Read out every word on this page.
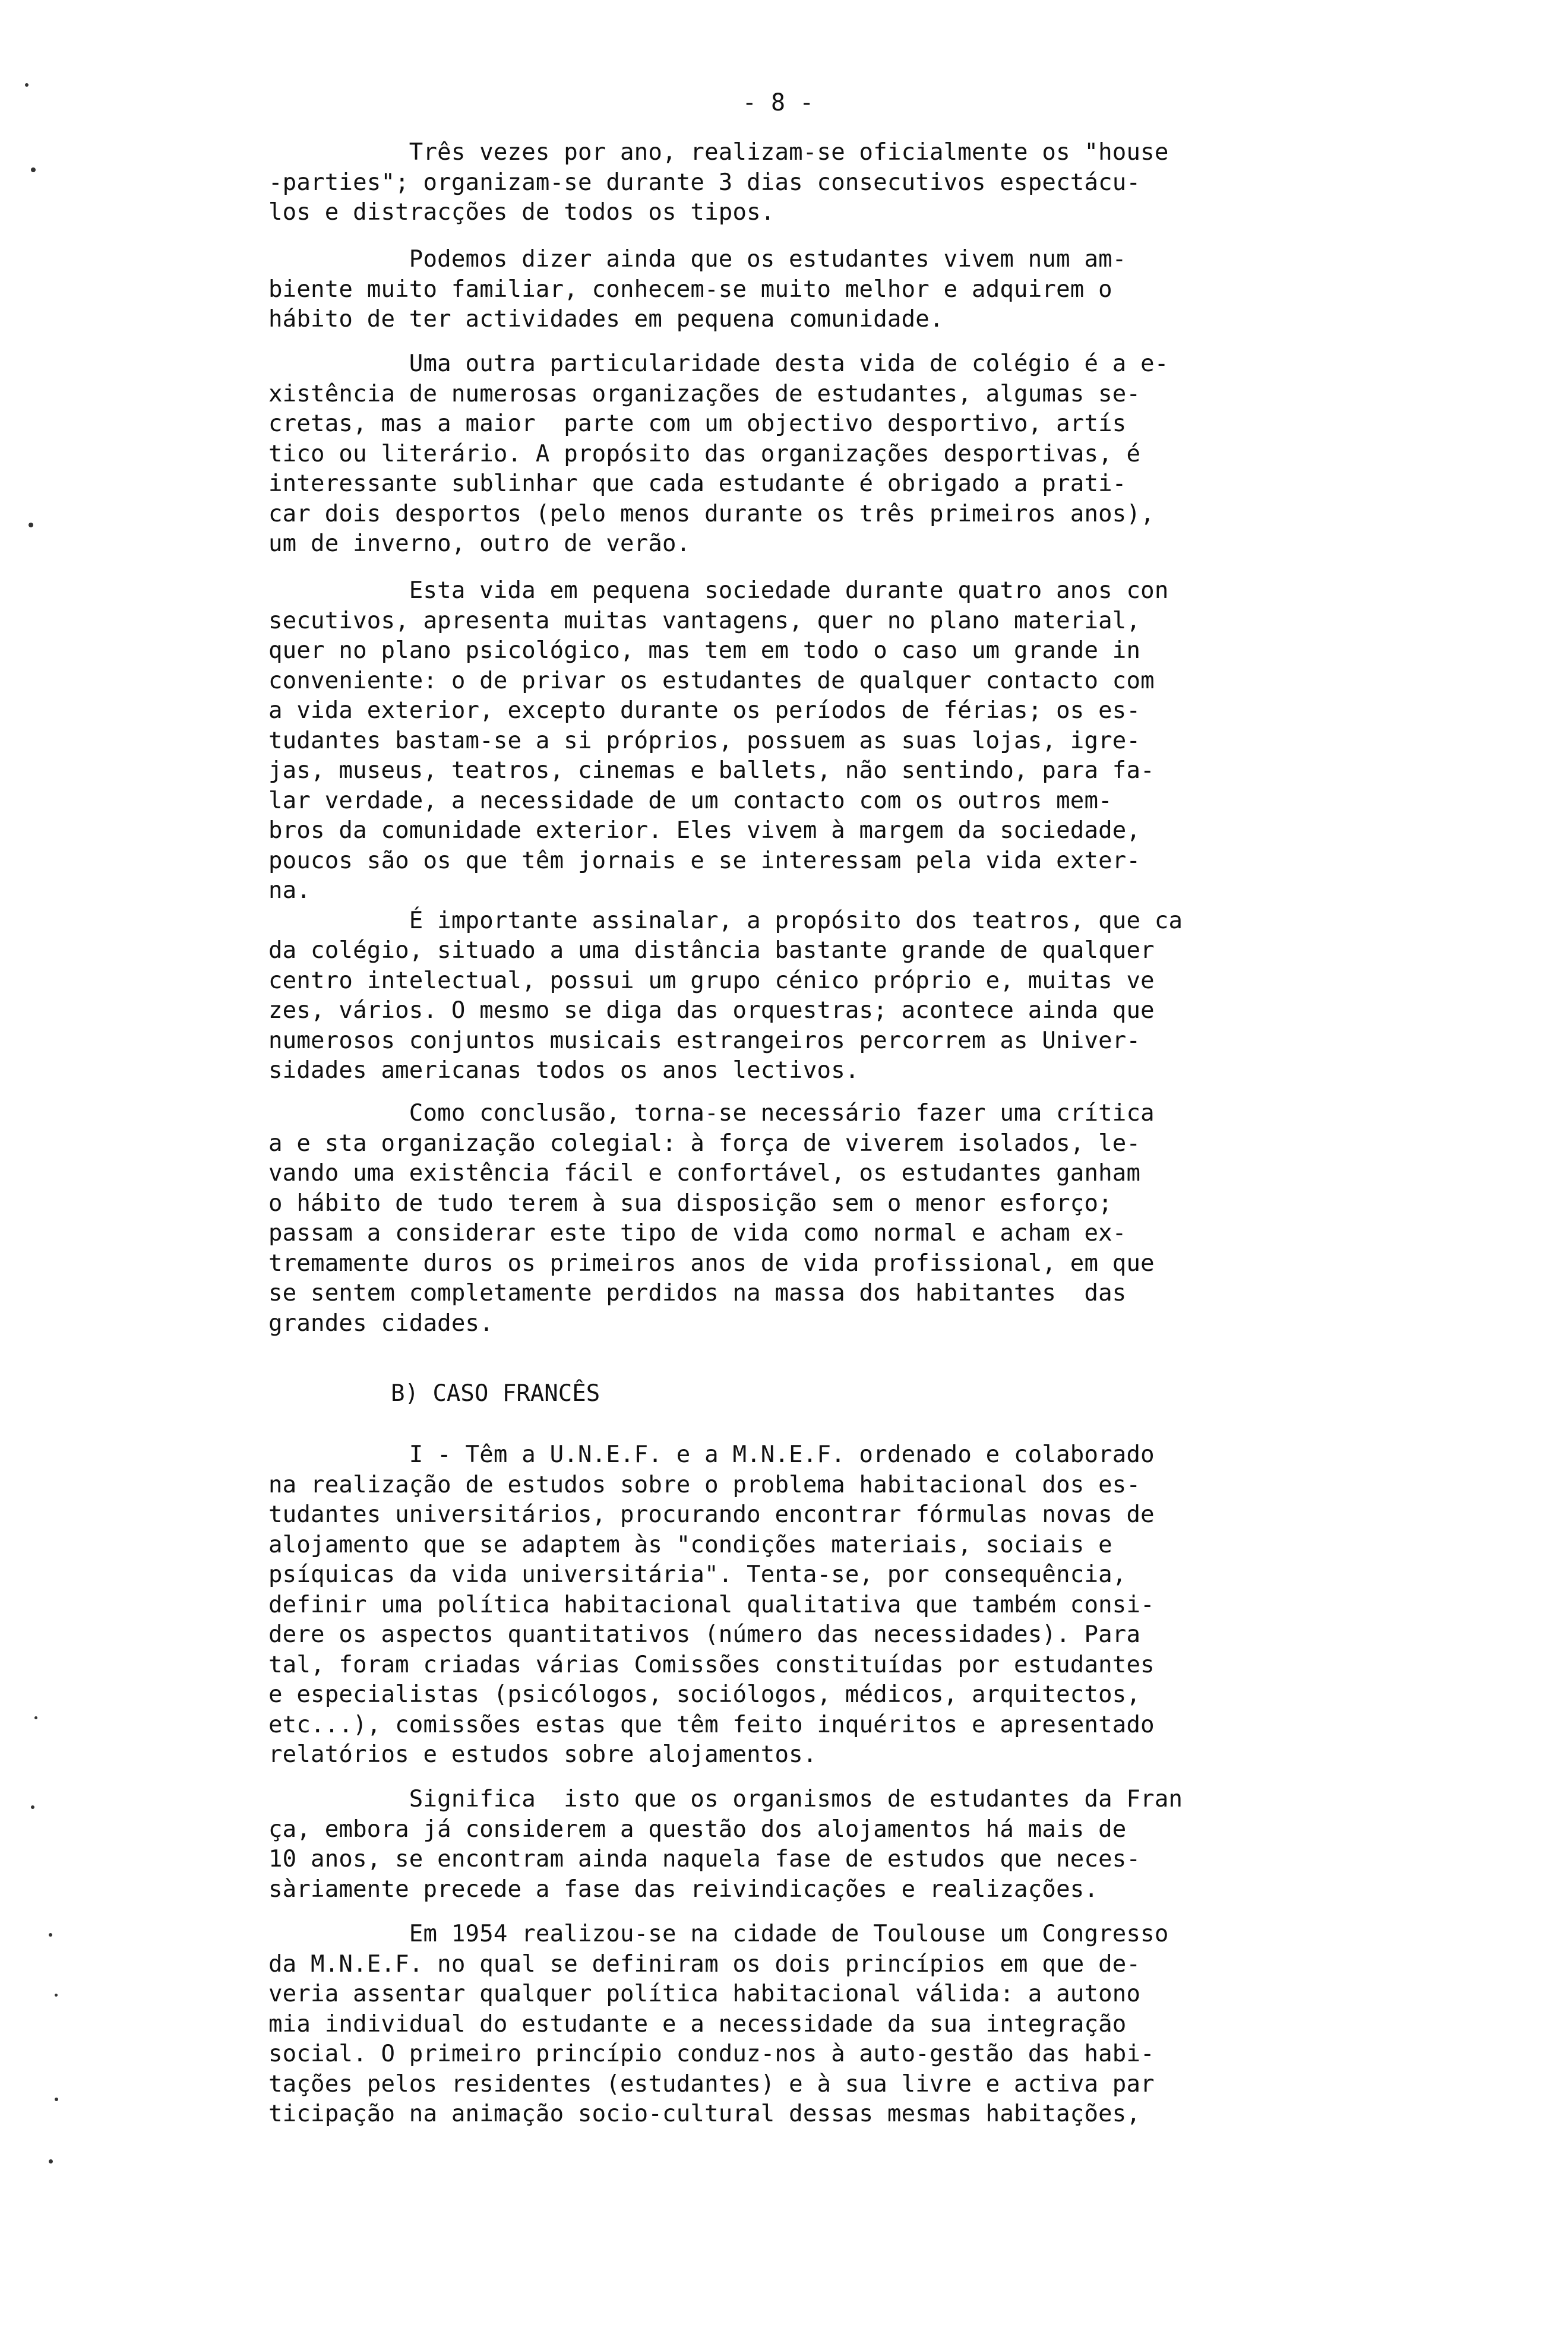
- 8 -

Três vezes por ano, realizam-se oficialmente os "house
-parties"; organizam-se durante 3 dias consecutivos espectácu-
los e distracções de todos os tipos.

Podemos dizer ainda que os estudantes vivem num am-
biente muito familiar, conhecem-se muito melhor e adquirem o
hábito de ter actividades em pequena comunidade.

Uma outra particularidade desta vida de colégio é a e-
xistência de numerosas organizações de estudantes, algumas se-
cretas, mas a maior  parte com um objectivo desportivo, artís
tico ou literário. A propósito das organizações desportivas, é
interessante sublinhar que cada estudante é obrigado a prati-
car dois desportos (pelo menos durante os três primeiros anos),
um de inverno, outro de verão.

Esta vida em pequena sociedade durante quatro anos con
secutivos, apresenta muitas vantagens, quer no plano material,
quer no plano psicológico, mas tem em todo o caso um grande in
conveniente: o de privar os estudantes de qualquer contacto com
a vida exterior, excepto durante os períodos de férias; os es-
tudantes bastam-se a si próprios, possuem as suas lojas, igre-
jas, museus, teatros, cinemas e ballets, não sentindo, para fa-
lar verdade, a necessidade de um contacto com os outros mem-
bros da comunidade exterior. Eles vivem à margem da sociedade,
poucos são os que têm jornais e se interessam pela vida exter-
na.
É importante assinalar, a propósito dos teatros, que ca
da colégio, situado a uma distância bastante grande de qualquer
centro intelectual, possui um grupo cénico próprio e, muitas ve
zes, vários. O mesmo se diga das orquestras; acontece ainda que
numerosos conjuntos musicais estrangeiros percorrem as Univer-
sidades americanas todos os anos lectivos.

Como conclusão, torna-se necessário fazer uma crítica
a e sta organização colegial: à força de viverem isolados, le-
vando uma existência fácil e confortável, os estudantes ganham
o hábito de tudo terem à sua disposição sem o menor esforço;
passam a considerar este tipo de vida como normal e acham ex-
tremamente duros os primeiros anos de vida profissional, em que
se sentem completamente perdidos na massa dos habitantes  das
grandes cidades.

B) CASO FRANCÊS

I - Têm a U.N.E.F. e a M.N.E.F. ordenado e colaborado
na realização de estudos sobre o problema habitacional dos es-
tudantes universitários, procurando encontrar fórmulas novas de
alojamento que se adaptem às "condições materiais, sociais e
psíquicas da vida universitária". Tenta-se, por consequência,
definir uma política habitacional qualitativa que também consi-
dere os aspectos quantitativos (número das necessidades). Para
tal, foram criadas várias Comissões constituídas por estudantes
e especialistas (psicólogos, sociólogos, médicos, arquitectos,
etc...), comissões estas que têm feito inquéritos e apresentado
relatórios e estudos sobre alojamentos.

Significa  isto que os organismos de estudantes da Fran
ça, embora já considerem a questão dos alojamentos há mais de
10 anos, se encontram ainda naquela fase de estudos que neces-
sàriamente precede a fase das reivindicações e realizações.

Em 1954 realizou-se na cidade de Toulouse um Congresso
da M.N.E.F. no qual se definiram os dois princípios em que de-
veria assentar qualquer política habitacional válida: a autono
mia individual do estudante e a necessidade da sua integração
social. O primeiro princípio conduz-nos à auto-gestão das habi-
tações pelos residentes (estudantes) e à sua livre e activa par
ticipação na animação socio-cultural dessas mesmas habitações,
